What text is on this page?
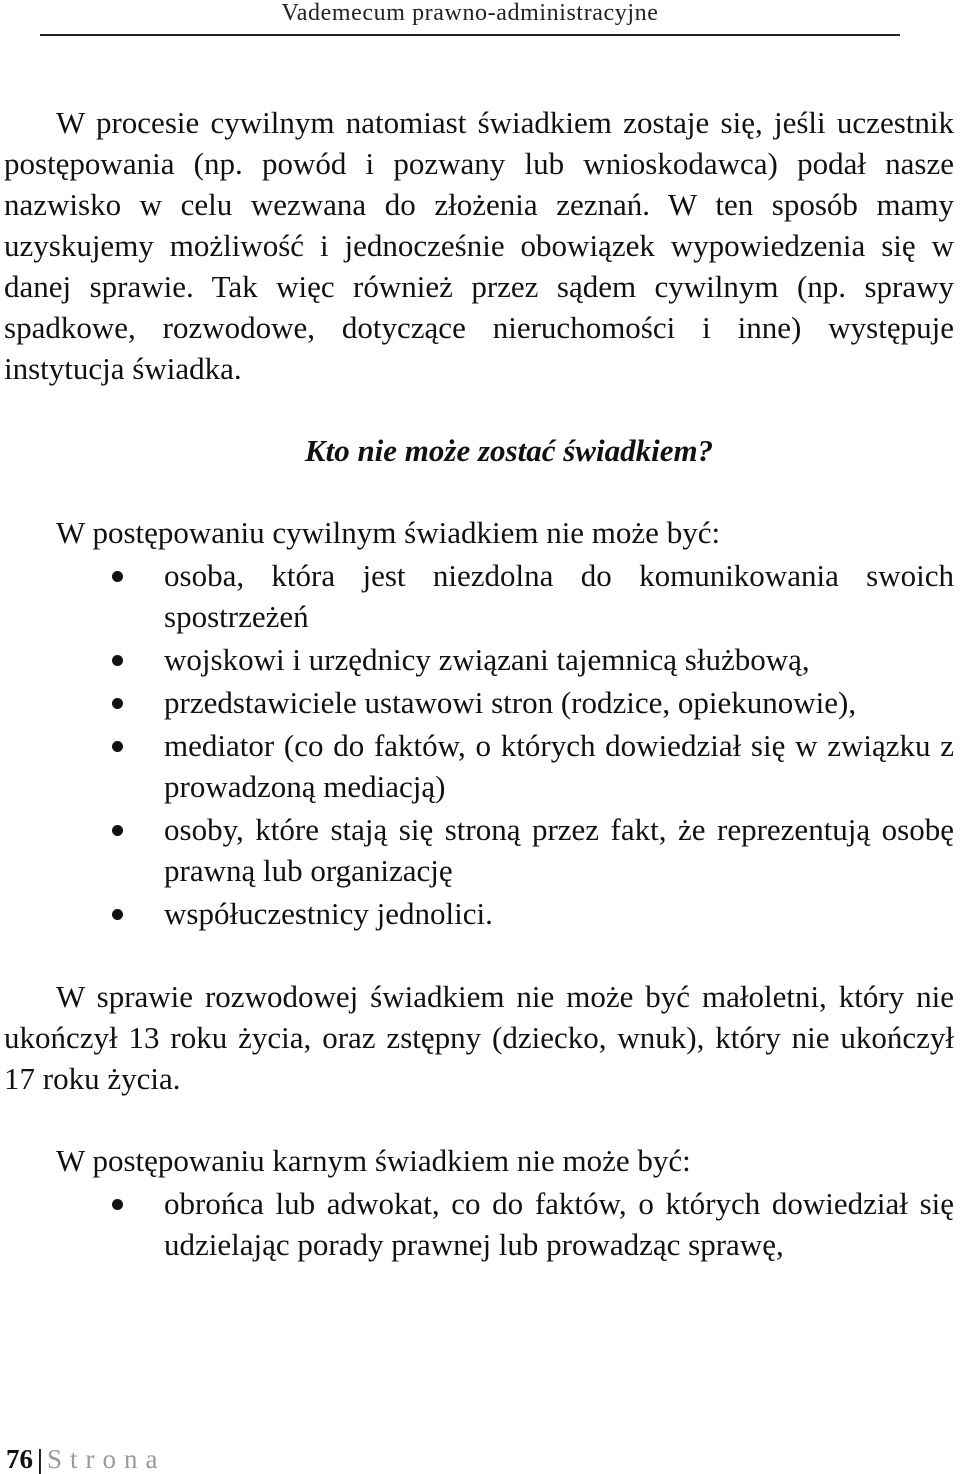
Vademecum prawno-administracyjne

W procesie cywilnym natomiast świadkiem zostaje się, jeśli uczestnik postępowania (np. powód i pozwany lub wnioskodawca) podał nasze nazwisko w celu wezwana do złożenia zeznań. W ten sposób mamy uzyskujemy możliwość i jednocześnie obowiązek wypowiedzenia się w danej sprawie. Tak więc również przez sądem cywilnym (np. sprawy spadkowe, rozwodowe, dotyczące nieruchomości i inne) występuje instytucja świadka.

Kto nie może zostać świadkiem?

W postępowaniu cywilnym świadkiem nie może być:

osoba, która jest niezdolna do komunikowania swoich spostrzeżeń
wojskowi i urzędnicy związani tajemnicą służbową,
przedstawiciele ustawowi stron (rodzice, opiekunowie),
mediator (co do faktów, o których dowiedział się w związku z prowadzoną mediacją)
osoby, które stają się stroną przez fakt, że reprezentują osobę prawną lub organizację
współuczestnicy jednolici.

W sprawie rozwodowej świadkiem nie może być małoletni, który nie ukończył 13 roku życia, oraz zstępny (dziecko, wnuk), który nie ukończył 17 roku życia.

W postępowaniu karnym świadkiem nie może być:

obrońca lub adwokat, co do faktów, o których dowiedział się udzielając porady prawnej lub prowadząc sprawę,
76 | Strona
